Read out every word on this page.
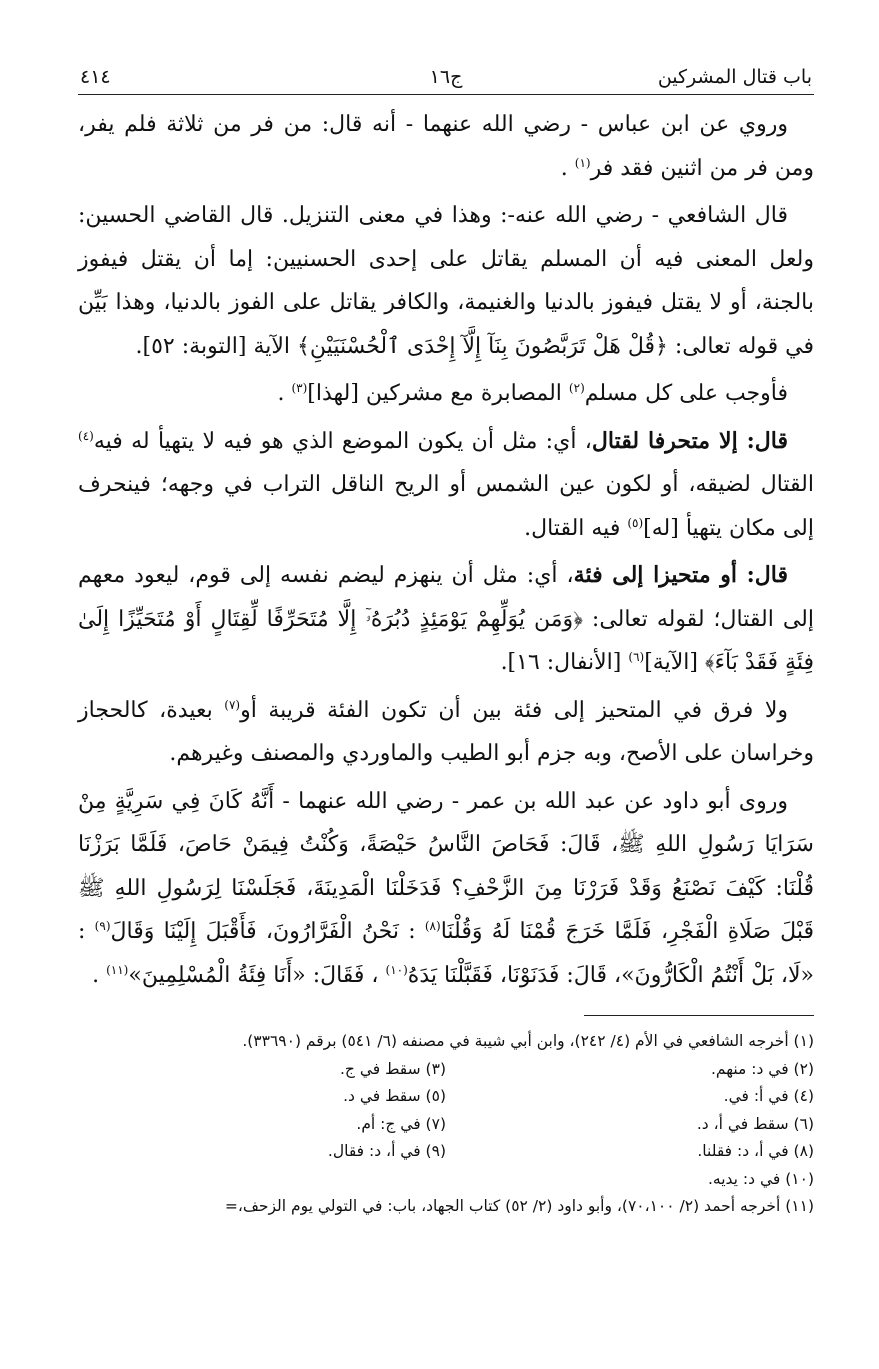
باب قتال المشركين
ج١٦
٤١٤

وروي عن ابن عباس - رضي الله عنهما - أنه قال: من فر من ثلاثة فلم يفر، ومن فر من اثنين فقد فر$^{(١)}$ .

قال الشافعي - رضي الله عنه-: وهذا في معنى التنزيل. قال القاضي الحسين: ولعل المعنى فيه أن المسلم يقاتل على إحدى الحسنيين: إما أن يقتل فيفوز بالجنة، أو لا يقتل فيفوز بالدنيا والغنيمة، والكافر يقاتل على الفوز بالدنيا، وهذا بَيِّن في قوله تعالى: ﴿قُلْ هَلْ تَرَبَّصُونَ بِنَآ إِلَّآ إِحْدَى ٱلْحُسْنَيَيْنِ﴾ الآية [التوبة: ٥٢].

فأوجب على كل مسلم$^{(٢)}$ المصابرة مع مشركين [لهذا]$^{(٣)}$ .

قال: إلا متحرفا لقتال، أي: مثل أن يكون الموضع الذي هو فيه لا يتهيأ له فيه$^{(٤)}$ القتال لضيقه، أو لكون عين الشمس أو الريح الناقل التراب في وجهه؛ فينحرف إلى مكان يتهيأ [له]$^{(٥)}$ فيه القتال.

قال: أو متحيزا إلى فئة، أي: مثل أن ينهزم ليضم نفسه إلى قوم، ليعود معهم إلى القتال؛ لقوله تعالى: ﴿وَمَن يُوَلِّهِمْ يَوْمَئِذٍ دُبُرَهُۥٓ إِلَّا مُتَحَرِّفًا لِّقِتَالٍ أَوْ مُتَحَيِّزًا إِلَىٰ فِئَةٍ فَقَدْ بَآءَ﴾ [الآية]$^{(٦)}$ [الأنفال: ١٦].

ولا فرق في المتحيز إلى فئة بين أن تكون الفئة قريبة أو$^{(٧)}$ بعيدة، كالحجاز وخراسان على الأصح، وبه جزم أبو الطيب والماوردي والمصنف وغيرهم.

وروى أبو داود عن عبد الله بن عمر - رضي الله عنهما - أَنَّهُ كَانَ فِي سَرِيَّةٍ مِنْ سَرَايَا رَسُولِ اللهِ ﷺ، قَالَ: فَحَاصَ النَّاسُ حَيْصَةً، وَكُنْتُ فِيمَنْ حَاصَ، فَلَمَّا بَرَزْنَا قُلْنَا: كَيْفَ نَصْنَعُ وَقَدْ فَرَرْنَا مِنَ الزَّحْفِ؟ فَدَخَلْنَا الْمَدِينَةَ، فَجَلَسْنَا لِرَسُولِ اللهِ ﷺ قَبْلَ صَلَاةِ الْفَجْرِ، فَلَمَّا خَرَجَ قُمْنَا لَهُ وَقُلْنَا$^{(٨)}$ : نَحْنُ الْفَرَّارُونَ، فَأَقْبَلَ إِلَيْنَا وَقَالَ$^{(٩)}$ : «لَا، بَلْ أَنْتُمُ الْكَارُّونَ»، قَالَ: فَدَنَوْنَا، فَقَبَّلْنَا يَدَهُ$^{(١٠)}$ ، فَقَالَ: «أَنَا فِئَةُ الْمُسْلِمِينَ»$^{(١١)}$ .

(١) أخرجه الشافعي في الأم (٤/ ٢٤٢)، وابن أبي شيبة في مصنفه (٦/ ٥٤١) برقم (٣٣٦٩٠).
(٢) في د: منهم.
(٣) سقط في ج.
(٤) في أ: في.
(٥) سقط في د.
(٦) سقط في أ، د.
(٧) في ج: أم.
(٨) في أ، د: فقلنا.
(٩) في أ، د: فقال.
(١٠) في د: يديه.
(١١) أخرجه أحمد (٢/ ٧٠،١٠٠)، وأبو داود (٢/ ٥٢) كتاب الجهاد، باب: في التولي يوم الزحف،=
